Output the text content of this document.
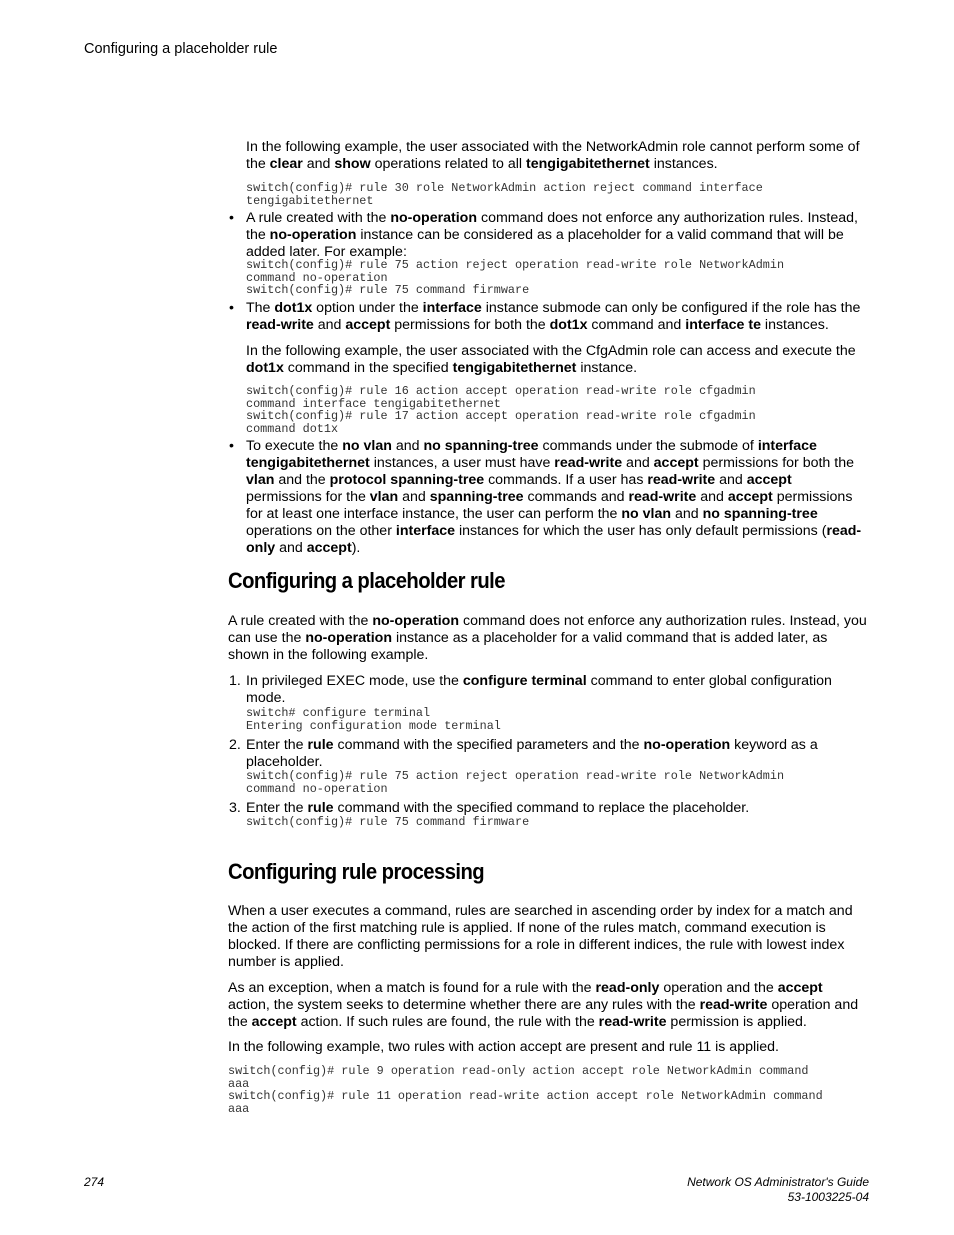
Configuring a placeholder rule

In the following example, the user associated with the NetworkAdmin role cannot perform some of the clear and show operations related to all tengigabitethernet instances.

switch(config)# rule 30 role NetworkAdmin action reject command interface
tengigabitethernet
• A rule created with the no-operation command does not enforce any authorization rules. Instead, the no-operation instance can be considered as a placeholder for a valid command that will be added later. For example:

switch(config)# rule 75 action reject operation read-write role NetworkAdmin
command no-operation
switch(config)# rule 75 command firmware
• The dot1x option under the interface instance submode can only be configured if the role has the read-write and accept permissions for both the dot1x command and interface te instances.

In the following example, the user associated with the CfgAdmin role can access and execute the dot1x command in the specified tengigabitethernet instance.

switch(config)# rule 16 action accept operation read-write role cfgadmin
command interface tengigabitethernet
switch(config)# rule 17 action accept operation read-write role cfgadmin
command dot1x
• To execute the no vlan and no spanning-tree commands under the submode of interface tengigabitethernet instances, a user must have read-write and accept permissions for both the vlan and the protocol spanning-tree commands. If a user has read-write and accept permissions for the vlan and spanning-tree commands and read-write and accept permissions for at least one interface instance, the user can perform the no vlan and no spanning-tree operations on the other interface instances for which the user has only default permissions (read-only and accept).

Configuring a placeholder rule

A rule created with the no-operation command does not enforce any authorization rules. Instead, you can use the no-operation instance as a placeholder for a valid command that is added later, as shown in the following example.

1. In privileged EXEC mode, use the configure terminal command to enter global configuration mode.

switch# configure terminal
Entering configuration mode terminal
2. Enter the rule command with the specified parameters and the no-operation keyword as a placeholder.

switch(config)# rule 75 action reject operation read-write role NetworkAdmin
command no-operation
3. Enter the rule command with the specified command to replace the placeholder.

switch(config)# rule 75 command firmware
Configuring rule processing

When a user executes a command, rules are searched in ascending order by index for a match and the action of the first matching rule is applied. If none of the rules match, command execution is blocked. If there are conflicting permissions for a role in different indices, the rule with lowest index number is applied.

As an exception, when a match is found for a rule with the read-only operation and the accept action, the system seeks to determine whether there are any rules with the read-write operation and the accept action. If such rules are found, the rule with the read-write permission is applied.

In the following example, two rules with action accept are present and rule 11 is applied.

switch(config)# rule 9 operation read-only action accept role NetworkAdmin command
aaa
switch(config)# rule 11 operation read-write action accept role NetworkAdmin command
aaa
274	Network OS Administrator's Guide
53-1003225-04
